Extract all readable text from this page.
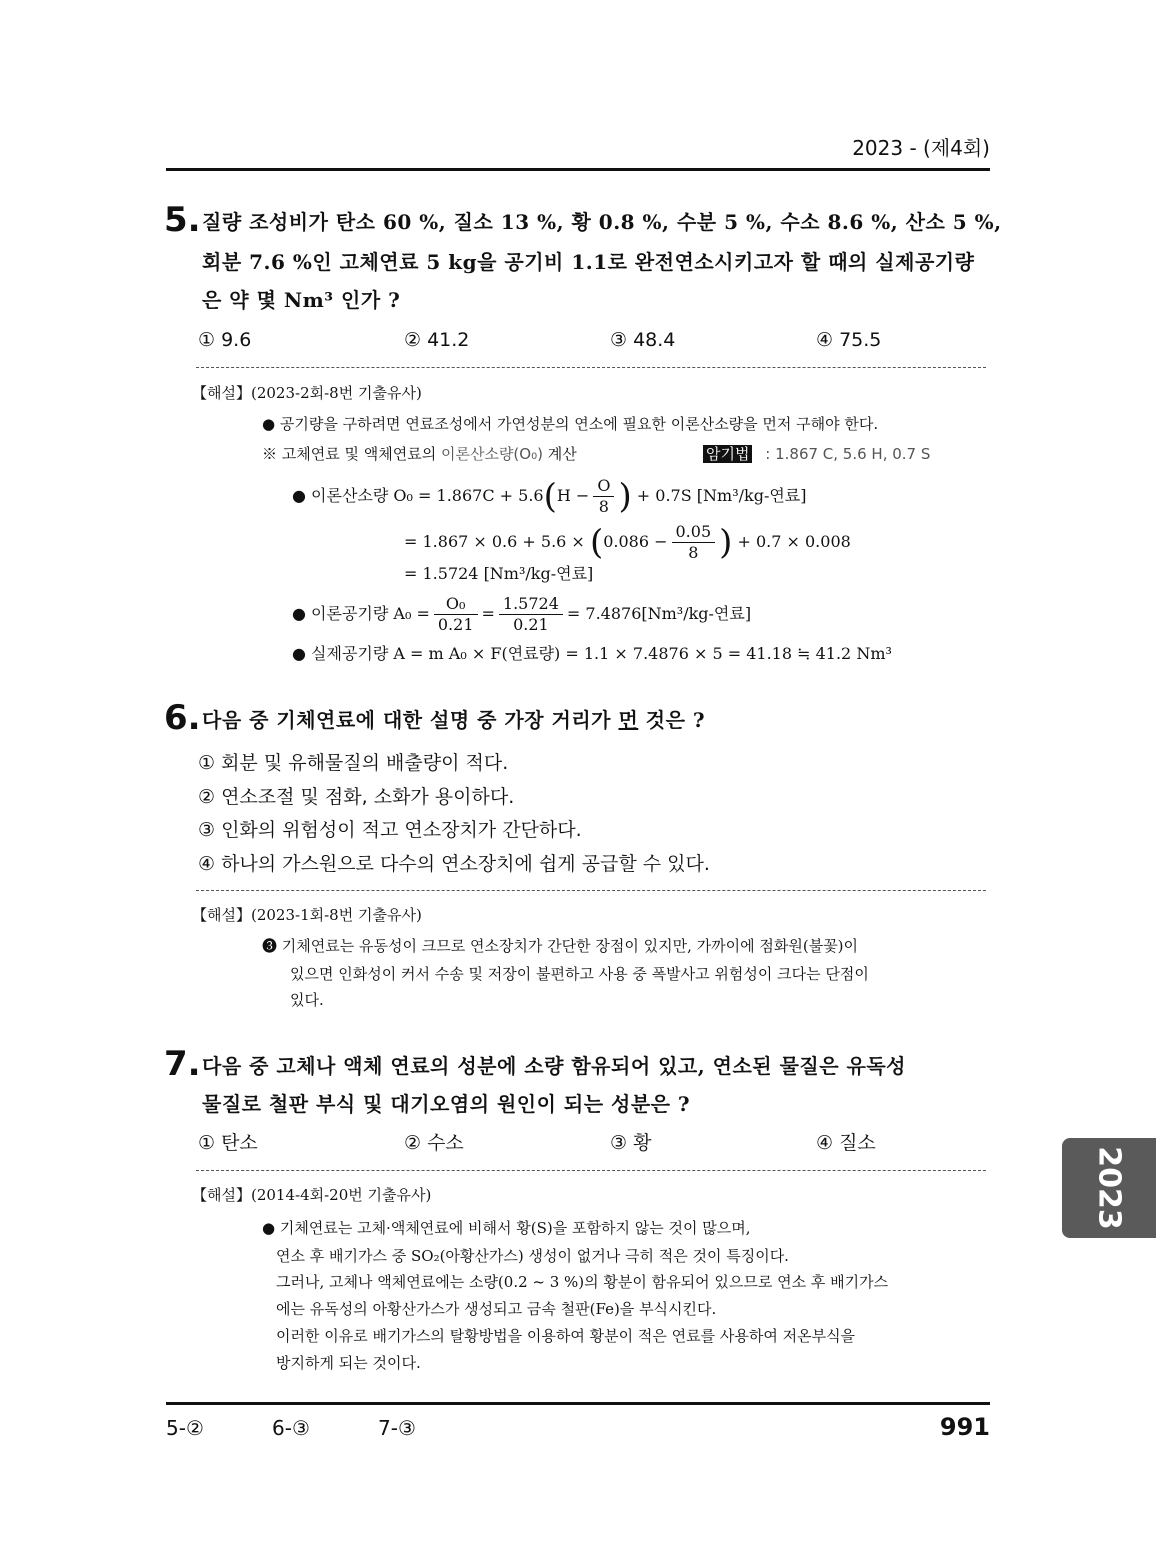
2023 - (제4회)
2023
5. 질량 조성비가 탄소 60 %, 질소 13 %, 황 0.8 %, 수분 5 %, 수소 8.6 %, 산소 5 %,
회분 7.6 %인 고체연료 5 kg을 공기비 1.1로 완전연소시키고자 할 때의 실제공기량
은 약 몇 Nm³ 인가 ?
① 9.6	② 41.2	③ 48.4	④ 75.5
【해설】(2023-2회-8번 기출유사)
● 공기량을 구하려면 연료조성에서 가연성분의 연소에 필요한 이론산소량을 먼저 구해야 한다.
※ 고체연료 및 액체연료의 이론산소량(O₀) 계산	암기법 : 1.867 C, 5.6 H, 0.7 S
● 이론산소량 $O_0 = 1.867C + 5.6(H - \frac{O}{8}$ ) + 0.7S [Nm³/kg-연료]
= $1.867 \times 0.6 + 5.6 \times (0.086 - \frac{0.05}{8}$ ) + 0.7 × 0.008
= 1.5724 [Nm³/kg-연료]
● 이론공기량 $A_0 = \frac{\text{O₀}}{0.21} = \frac{1.5724}{0.21} = 7.4876[Nm^3/kg-$연료]
● 실제공기량 A = m A₀ × F(연료량) = 1.1 × 7.4876 × 5 = 41.18 ≒ 41.2 Nm³
6. 다음 중 기체연료에 대한 설명 중 가장 거리가 먼 것은 ?
① 회분 및 유해물질의 배출량이 적다.
② 연소조절 및 점화, 소화가 용이하다.
③ 인화의 위험성이 적고 연소장치가 간단하다.
④ 하나의 가스원으로 다수의 연소장치에 쉽게 공급할 수 있다.
【해설】(2023-1회-8번 기출유사)
❸ 기체연료는 유동성이 크므로 연소장치가 간단한 장점이 있지만, 가까이에 점화원(불꽃)이
있으면 인화성이 커서 수송 및 저장이 불편하고 사용 중 폭발사고 위험성이 크다는 단점이
있다.
7. 다음 중 고체나 액체 연료의 성분에 소량 함유되어 있고, 연소된 물질은 유독성
물질로 철판 부식 및 대기오염의 원인이 되는 성분은 ?
① 탄소	② 수소	③ 황	④ 질소
【해설】(2014-4회-20번 기출유사)
● 기체연료는 고체·액체연료에 비해서 황(S)을 포함하지 않는 것이 많으며,
연소 후 배기가스 중 SO₂(아황산가스) 생성이 없거나 극히 적은 것이 특징이다.
그러나, 고체나 액체연료에는 소량(0.2 ~ 3 %)의 황분이 함유되어 있으므로 연소 후 배기가스
에는 유독성의 아황산가스가 생성되고 금속 철판(Fe)을 부식시킨다.
이러한 이유로 배기가스의 탈황방법을 이용하여 황분이 적은 연료를 사용하여 저온부식을
방지하게 되는 것이다.
5-②	6-③	7-③	991
